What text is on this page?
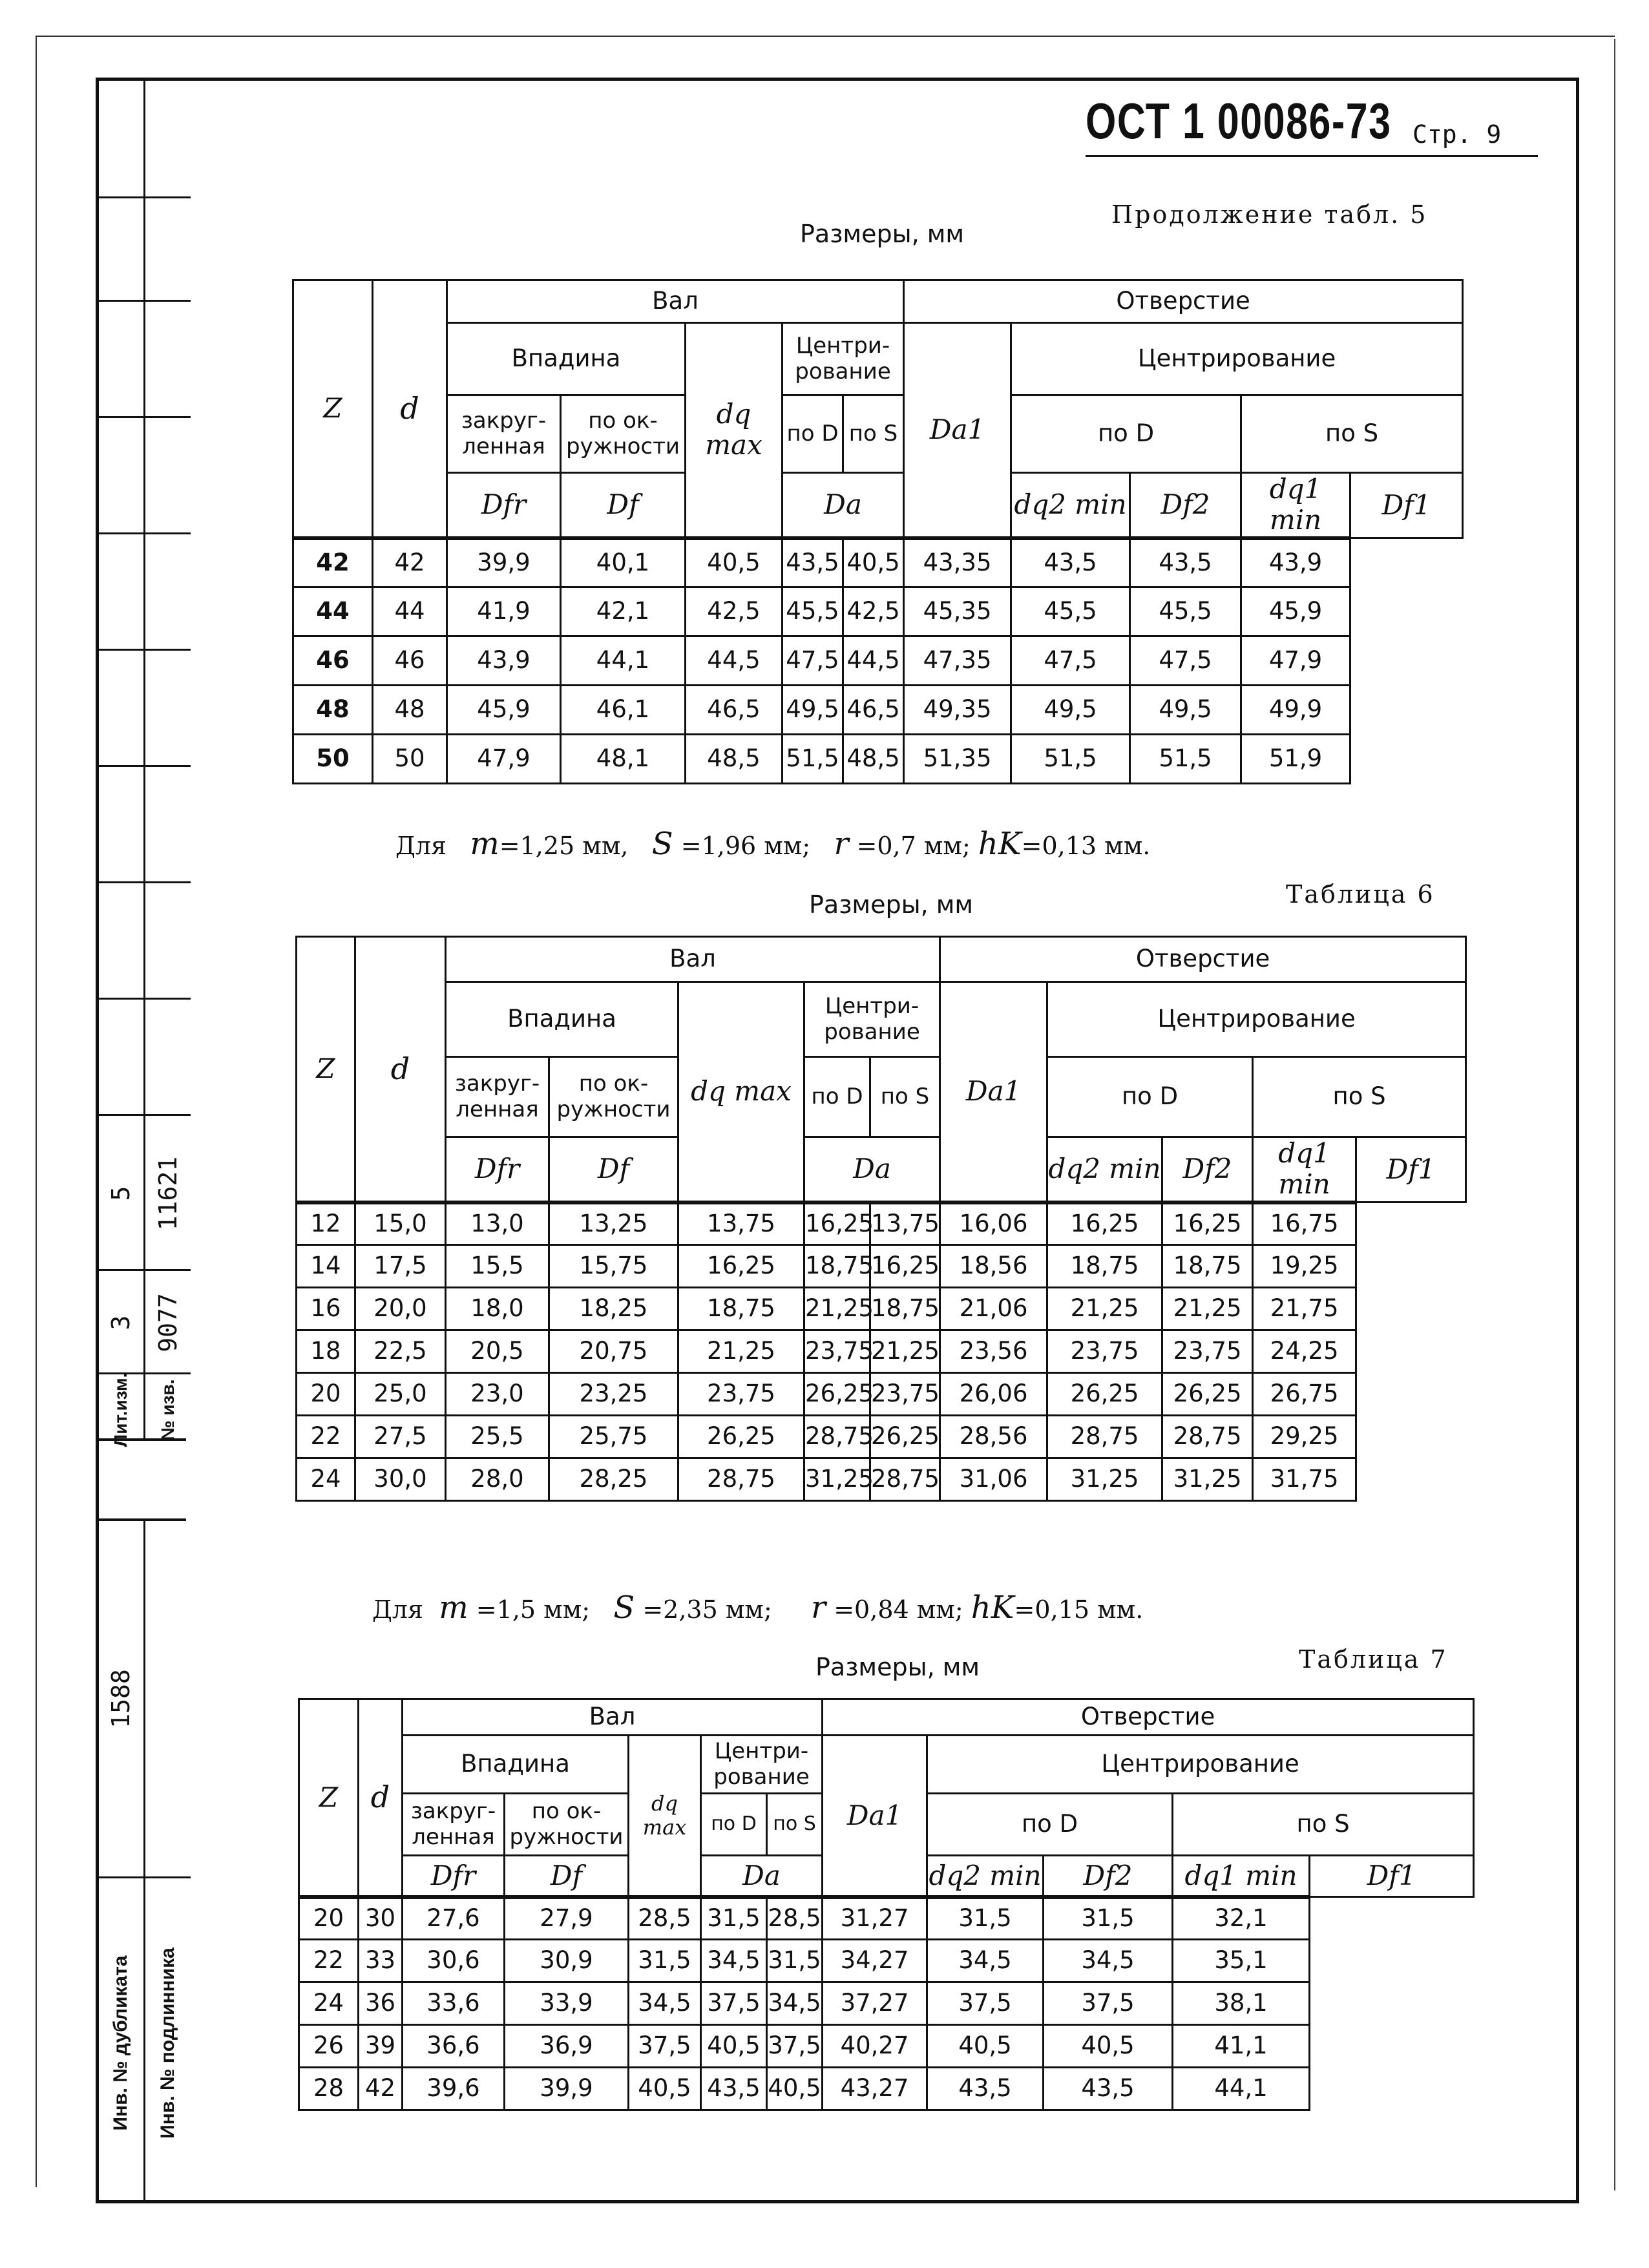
5
3
Лит.изм.
11621
9077
№ изв.
1588
Инв. № дубликата Инв. № подлинника
ОСТ 1 00086-73 Стр. 9
Продолжение табл. 5
Размеры, мм
Z	d	Вал					Отверстие				
		Впадина		dq max	Центри-рование		Da1	Центрирование			
		закруг-ленная	по ок-ружности		по D	по S		по D		по S	
		Dfr	Df		Da			dq2 min	Df2	dq1 min	Df1
42	42	39,9	40,1	40,5	43,5	40,5	43,35	43,5	43,5	43,9	
44	44	41,9	42,1	42,5	45,5	42,5	45,35	45,5	45,5	45,9	
46	46	43,9	44,1	44,5	47,5	44,5	47,35	47,5	47,5	47,9	
48	48	45,9	46,1	46,5	49,5	46,5	49,35	49,5	49,5	49,9	
50	50	47,9	48,1	48,5	51,5	48,5	51,35	51,5	51,5	51,9	
Для m=1,25 мм, S =1,96 мм; r =0,7 мм; hK=0,13 мм.
Размеры, мм	Таблица 6
Z	d	Вал					Отверстие				
		Впадина		dq max	Центри-рование		Da1	Центрирование			
		закруг-ленная	по ок-ружности		по D	по S		по D		по S	
		Dfr	Df		Da			dq2 min	Df2	dq1 min	Df1
12	15,0	13,0	13,25	13,75	16,25	13,75	16,06	16,25	16,25	16,75	
14	17,5	15,5	15,75	16,25	18,75	16,25	18,56	18,75	18,75	19,25	
16	20,0	18,0	18,25	18,75	21,25	18,75	21,06	21,25	21,25	21,75	
18	22,5	20,5	20,75	21,25	23,75	21,25	23,56	23,75	23,75	24,25	
20	25,0	23,0	23,25	23,75	26,25	23,75	26,06	26,25	26,25	26,75	
22	27,5	25,5	25,75	26,25	28,75	26,25	28,56	28,75	28,75	29,25	
24	30,0	28,0	28,25	28,75	31,25	28,75	31,06	31,25	31,25	31,75	
Для m =1,5 мм; S =2,35 мм; r =0,84 мм; hK=0,15 мм.
Размеры, мм	Таблица 7
Z	d	Вал					Отверстие				
		Впадина		dq max	Центри-рование		Da1	Центрирование			
		закруг-ленная	по ок-ружности		по D	по S		по D		по S	
		Dfr	Df		Da			dq2 min	Df2	dq1 min	Df1
20	30	27,6	27,9	28,5	31,5	28,5	31,27	31,5	31,5	32,1	
22	33	30,6	30,9	31,5	34,5	31,5	34,27	34,5	34,5	35,1	
24	36	33,6	33,9	34,5	37,5	34,5	37,27	37,5	37,5	38,1	
26	39	36,6	36,9	37,5	40,5	37,5	40,27	40,5	40,5	41,1	
28	42	39,6	39,9	40,5	43,5	40,5	43,27	43,5	43,5	44,1	
